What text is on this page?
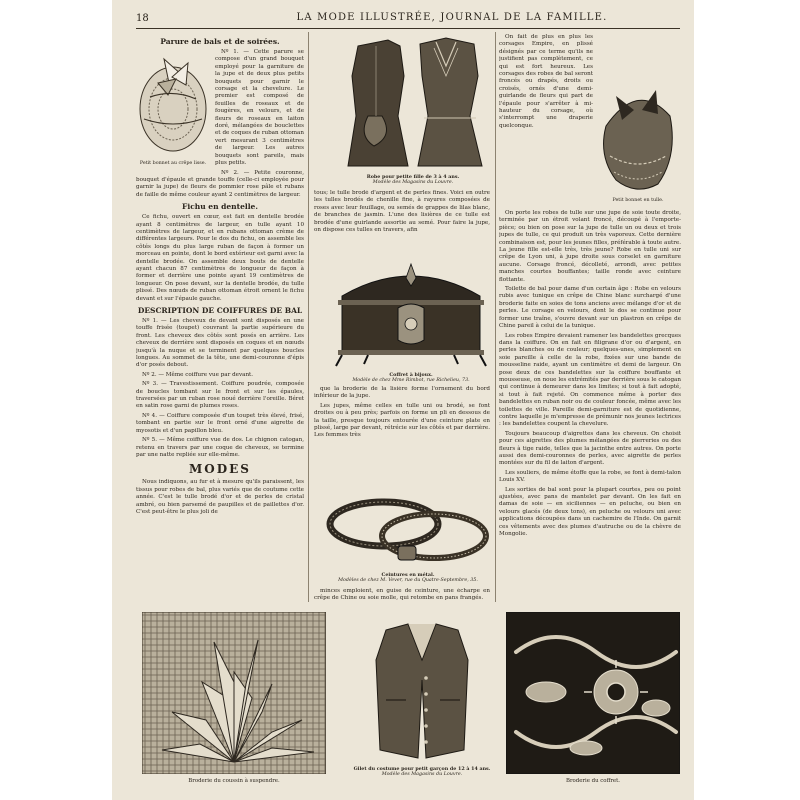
18	LA MODE ILLUSTRÉE, JOURNAL DE LA FAMILLE.
Parure de bals et de soirées.
Petit bonnet au crêpe lisse.

Nº 1. — Cette parure se compose d'un grand bouquet employé pour la garniture de la jupe et de deux plus petits bouquets pour garnir le corsage et la chevelure. Le premier est composé de feuilles de roseaux et de fougères, en velours, et de fleurs de roseaux en laiton doré, mélangées de bouclettes et de coques de ruban ottoman vert mesurant 3 centimètres de largeur. Les autres bouquets sont pareils, mais plus petits.

Nº 2. — Petite couronne, bouquet d'épaule et grande touffe (celle-ci employée pour garnir la jupe) de fleurs de pommier rose pâle et rubans de faille de même couleur ayant 2 centimètres de largeur.

Fichu en dentelle.

Ce fichu, ouvert en cœur, est fait en dentelle brodée ayant 8 centimètres de largeur, en tulle ayant 10 centimètres de largeur, et en rubans ottoman crème de différentes largeurs. Pour le dos du fichu, on assemble les côtés longs du plus large ruban de façon à former un morceau en pointe, dont le bord extérieur est garni avec la dentelle brodée. On assemble deux bouts de dentelle ayant chacun 87 centimètres de longueur de façon à former et derrière une pointe ayant 19 centimètres de longueur. On pose devant, sur la dentelle brodée, du tulle plissé. Des nœuds de ruban ottoman étroit ornent le fichu devant et sur l'épaule gauche.

DESCRIPTION DE COIFFURES DE BAL

Nº 1. — Les cheveux de devant sont disposés en une touffe frisée (toupet) couvrant la partie supérieure du front. Les cheveux des côtés sont posés en arrière. Les cheveux de derrière sont disposés en coques et en nœuds jusqu'à la nuque et se terminent par quelques boucles longues. Au sommet de la tête, une demi-couronne d'épis d'or posés debout.

Nº 2. — Même coiffure vue par devant.

Nº 3. — Travestissement. Coiffure poudrée, composée de boucles tombant sur le front et sur les épaules, traversées par un ruban rose noué derrière l'oreille. Béret en satin rose garni de plumes roses.

Nº 4. — Coiffure composée d'un toupet très élevé, frisé, tombant en partie sur le front orné d'une aigrette de myosotis et d'un papillon bleu.

Nº 5. — Même coiffure vue de dos. Le chignon catogan, retenu en travers par une coque de cheveux, se termine par une natte repliée sur elle-même.

MODES

Nous indiquons, au fur et à mesure qu'ils paraissent, les tissus pour robes de bal, plus variés que de coutume cette année. C'est le tulle brodé d'or et de perles de cristal ambré, ou bien parsemé de paupilles et de paillettes d'or. C'est peut-être le plus joli de

Robe pour petite fille de 3 à 4 ans.
Modèle des Magasins du Louvre.

tous; le tulle brodé d'argent et de perles fines. Voici en outre les tulles brodés de chenille fine, à rayures composées de roses avec leur feuillage, ou semés de grappes de lilas blanc, de branches de jasmin. L'une des lisières de ce tulle est brodée d'une guirlande assortie au semé. Pour faire la jupe, on dispose ces tulles en travers, afin

Coffret à bijoux.
Modèle de chez Mme Rimbot, rue Richelieu, 73.

que la broderie de la lisière forme l'ornement du bord inférieur de la jupe.

Les jupes, même celles en tulle uni ou brodé, se font droites ou à peu près; parfois on forme un pli en dessous de la taille, presque toujours entourée d'une ceinture plate en plissé, large par devant, rétrécie sur les côtés et par derrière. Les femmes très

Ceintures en métal.
Modèles de chez M. Vever, rue du Quatre-Septembre, 35.

minces emploient, en guise de ceinture, une écharpe en crêpe de Chine ou soie molle, qui retombe en pans frangés.

On fait de plus en plus les corsages Empire, en plissé désignés par ce terme qu'ils ne justifient pas complètement, ce qui est fort heureux. Les corsages des robes de bal seront froncés ou drapés, droits ou croisés, ornés d'une demi-guirlande de fleurs qui part de l'épaule pour s'arrêter à mi-hauteur du corsage, où s'interrompt une draperie quelconque.

Petit bonnet en tulle.

On porte les robes de tulle sur une jupe de soie toute droite, terminée par un étroit volant froncé, découpé à l'emporte-pièce; ou bien on pose sur la jupe de tulle un ou deux et trois jupes de tulle, ce qui produit un très vaporeux. Cette dernière combinaison est, pour les jeunes filles, préférable à toute autre. La jeune fille est-elle très, très jeune? Robe en tulle uni sur crêpe de Lyon uni, à jupe droite sous corselet en garniture aucune. Corsage froncé, décolleté, arrondi, avec petites manches courtes bouffantes; taille ronde avec ceinture flottante.

Toilette de bal pour dame d'un certain âge : Robe en velours rubis avec tunique en crêpe de Chine blanc surchargé d'une broderie faite en soies de tons anciens avec mélange d'or et de perles. Le corsage en velours, dont le dos se continue pour former une traîne, s'ouvre devant sur un plastron en crêpe de Chine pareil à celui de la tunique.

Les robes Empire devaient ramener les bandelettes grecques dans la coiffure. On en fait en filigrane d'or ou d'argent, en perles blanches ou de couleur; quelques-unes, simplement en soie pareille à celle de la robe, fixées sur une bande de mousseline raide, ayant un centimètre et demi de largeur. On pose deux de ces bandelettes sur la coiffure bouffante et mousseuse, on noue les extrémités par derrière sous le catogan qui continue à demeurer dans les limites; si tout à fait adopté, si tout à fait rejeté. On commence même à porter des bandelettes en ruban noir ou de couleur foncée, même avec les toilettes de ville. Pareille demi-garniture est de quotidienne, contre laquelle je m'empresse de prémunir nos jeunes lectrices : les bandelettes coupent la chevelure.

Toujours beaucoup d'aigrettes dans les cheveux. On choisit pour ces aigrettes des plumes mélangées de pierreries ou des fleurs à tige raide, telles que la jacinthe entre autres. On porte aussi des demi-couronnes de perles, avec aigrette de perles montées sur du fil de laiton d'argent.

Les souliers, de même étoffe que la robe, se font à demi-talon Louis XV.

Les sorties de bal sont pour la plupart courtes, peu ou point ajustées, avec pans de mantelet par devant. On les fait en damas de soie — en siciliennes — en peluche, ou bien en velours glacés (de deux tons), en peluche ou velours uni avec applications découpées dans un cachemire de l'Inde. On garnit ces vêtements avec des plumes d'autruche ou de la chèvre de Mongolie.

Broderie du coussin à suspendre.
Gilet du costume pour petit garçon de 12 à 14 ans.
Modèle des Magasins du Louvre.
Broderie du coffret.
